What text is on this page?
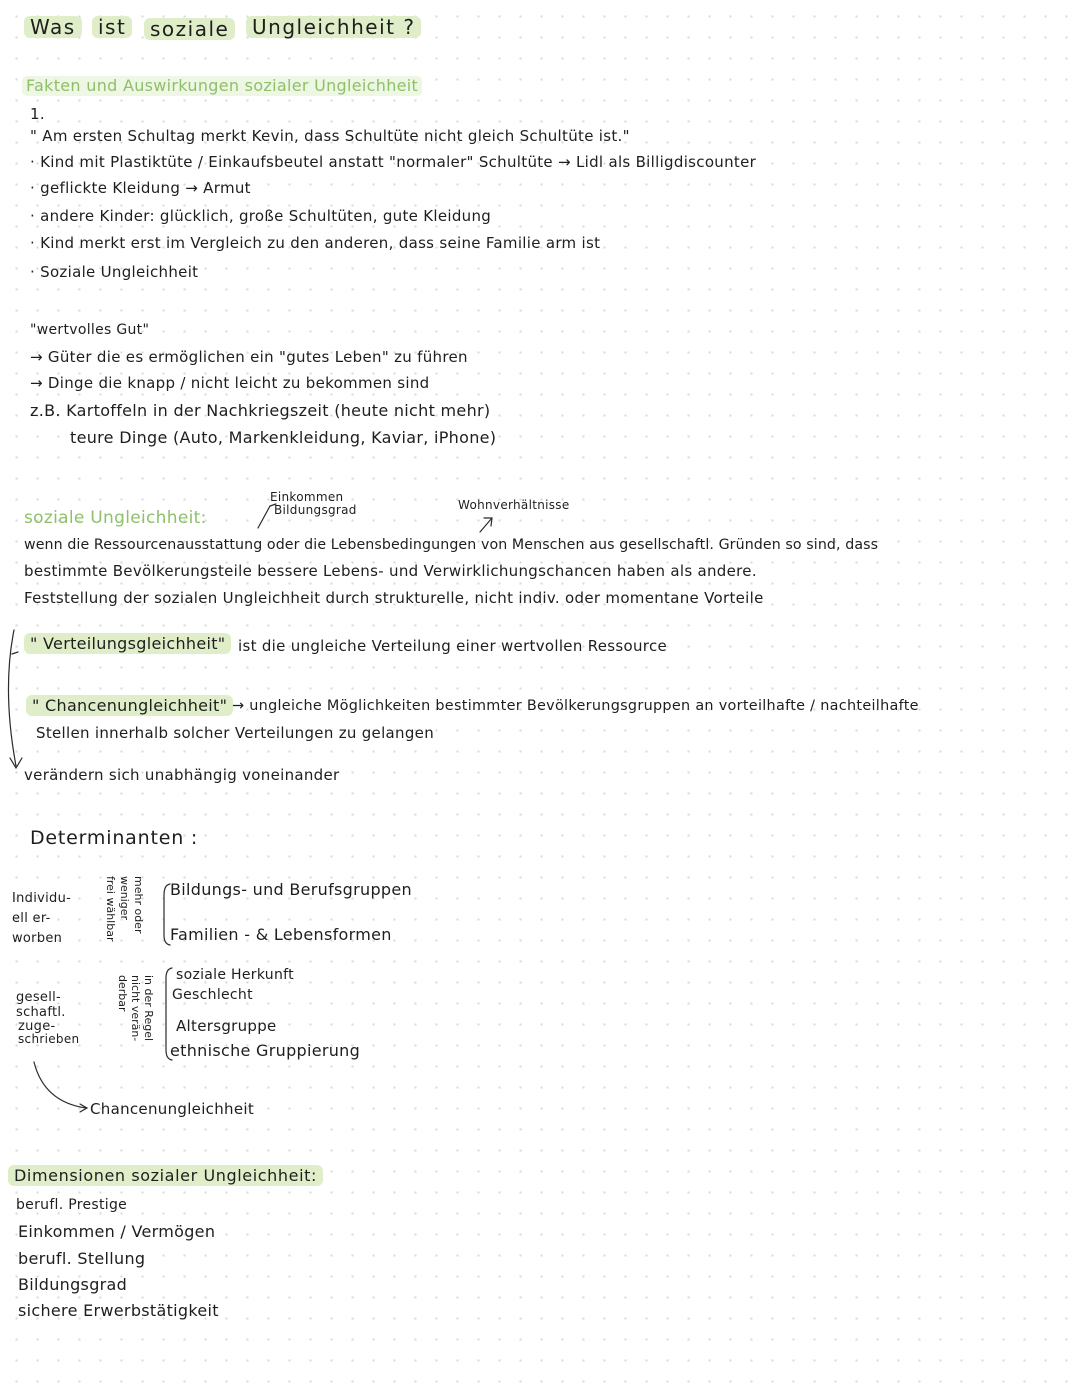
Was	ist	soziale	Ungleichheit ?
Fakten und Auswirkungen sozialer Ungleichheit
1.
" Am ersten Schultag merkt Kevin, dass Schultüte nicht gleich Schultüte ist."
· Kind mit Plastiktüte / Einkaufsbeutel anstatt "normaler" Schultüte → Lidl als Billigdiscounter
· geflickte Kleidung → Armut
· andere Kinder: glücklich, große Schultüten, gute Kleidung
· Kind merkt erst im Vergleich zu den anderen, dass seine Familie arm ist
· Soziale Ungleichheit
"wertvolles Gut"
→ Güter die es ermöglichen ein "gutes Leben" zu führen
→ Dinge die knapp / nicht leicht zu bekommen sind
z.B. Kartoffeln in der Nachkriegszeit (heute nicht mehr)
teure Dinge (Auto, Markenkleidung, Kaviar, iPhone)
Einkommen
Bildungsgrad	Wohnverhältnisse
soziale Ungleichheit:
wenn die Ressourcenausstattung oder die Lebensbedingungen von Menschen aus gesellschaftl. Gründen so sind, dass
bestimmte Bevölkerungsteile bessere Lebens- und Verwirklichungschancen haben als andere.
Feststellung der sozialen Ungleichheit durch strukturelle, nicht indiv. oder momentane Vorteile
" Verteilungsgleichheit" ist die ungleiche Verteilung einer wertvollen Ressource
" Chancenungleichheit" → ungleiche Möglichkeiten bestimmter Bevölkerungsgruppen an vorteilhafte / nachteilhafte
Stellen innerhalb solcher Verteilungen zu gelangen
verändern sich unabhängig voneinander
Determinanten :
Individu-
ell er-
worben
mehr oder
weniger
frei wählbar	Bildungs- und Berufsgruppen
Familien - & Lebensformen
gesell-
schaftl.
zuge-
schrieben	in der Regel
nicht verän-
derbar	soziale Herkunft
Geschlecht
Altersgruppe
ethnische Gruppierung
Chancenungleichheit
Dimensionen sozialer Ungleichheit:
berufl. Prestige
Einkommen / Vermögen
berufl. Stellung
Bildungsgrad
sichere Erwerbstätigkeit
